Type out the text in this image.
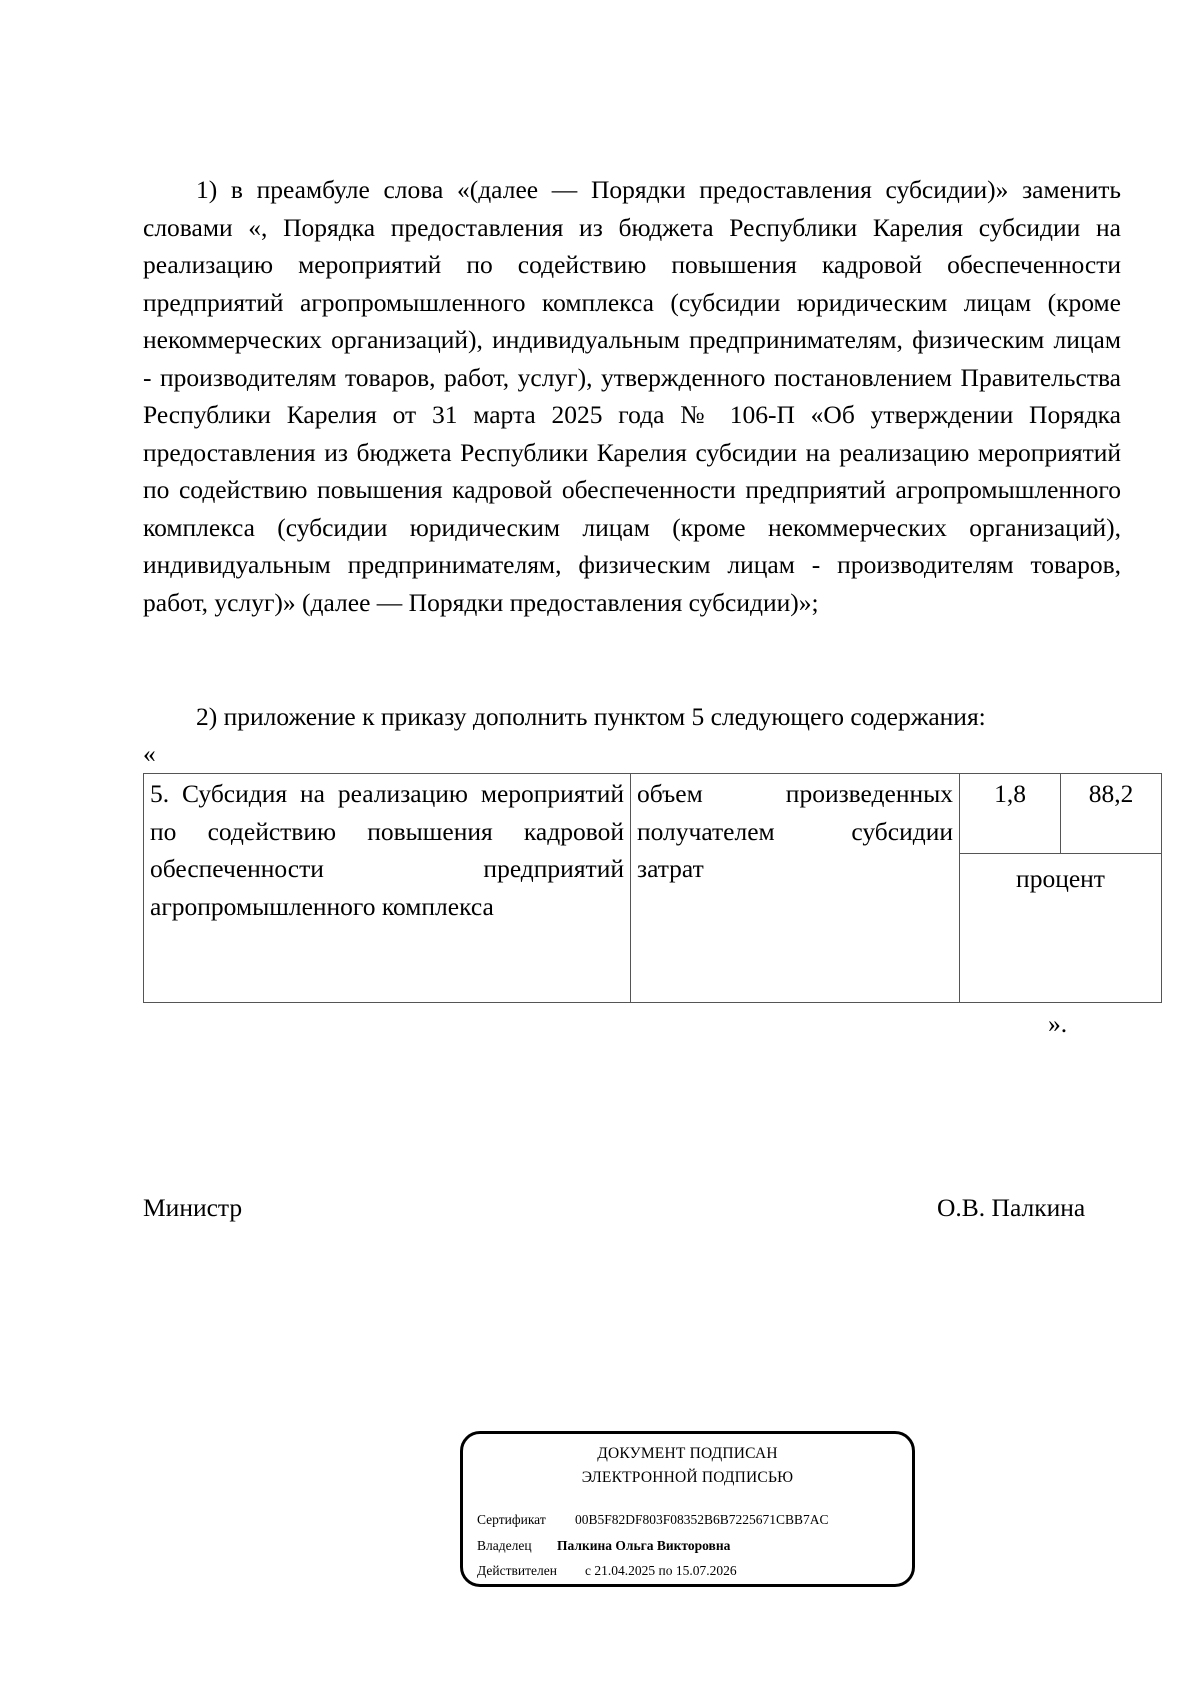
1) в преамбуле слова «(далее — Порядки предоставления субсидии)» заменить словами «, Порядка предоставления из бюджета Республики Карелия субсидии на реализацию мероприятий по содействию повышения кадровой обеспеченности предприятий агропромышленного комплекса (субсидии юридическим лицам (кроме некоммерческих организаций), индивидуальным предпринимателям, физическим лицам - производителям товаров, работ, услуг), утвержденного постановлением Правительства Республики Карелия от 31 марта 2025 года № 106-П «Об утверждении Порядка предоставления из бюджета Республики Карелия субсидии на реализацию мероприятий по содействию повышения кадровой обеспеченности предприятий агропромышленного комплекса (субсидии юридическим лицам (кроме некоммерческих организаций), индивидуальным предпринимателям, физическим лицам - производителям товаров, работ, услуг)» (далее — Порядки предоставления субсидии)»;

2) приложение к приказу дополнить пунктом 5 следующего содержания:

«

5. Субсидия на реализацию мероприятий по содействию повышения кадровой обеспеченности предприятий агропромышленного комплекса	объем произведенных получателем субсидии затрат	1,8	88,2
процент

».

Министр	О.В. Палкина

ДОКУМЕНТ ПОДПИСАН
ЭЛЕКТРОННОЙ ПОДПИСЬЮ
Сертификат 00B5F82DF803F08352B6B7225671CBB7AC
Владелец Палкина Ольга Викторовна
Действителен с 21.04.2025 по 15.07.2026
